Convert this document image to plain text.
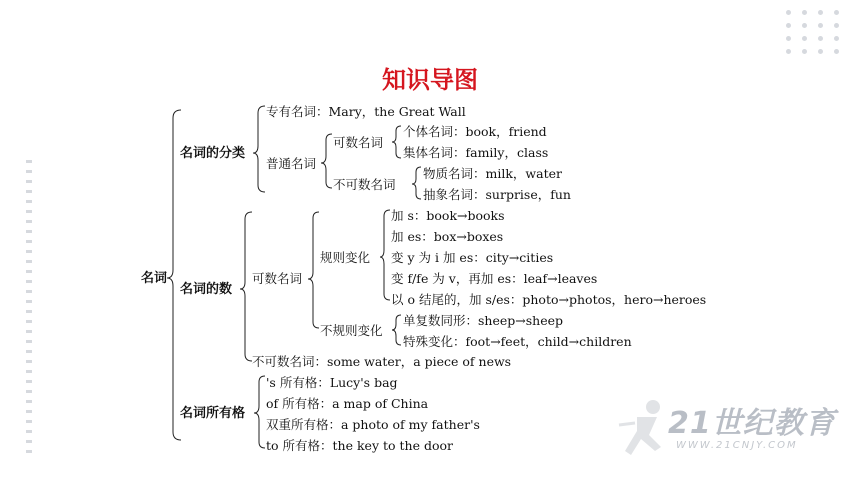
知识导图
名词
名词的分类
专有名词：Mary，the Great Wall
普通名词
可数名词
个体名词：book，friend
集体名词：family，class
不可数名词
物质名词：milk，water
抽象名词：surprise，fun
名词的数
可数名词
规则变化
加 s：book→books
加 es：box→boxes
变 y 为 i 加 es：city→cities
变 f/fe 为 v，再加 es：leaf→leaves
以 o 结尾的，加 s/es：photo→photos，hero→heroes
不规则变化
单复数同形：sheep→sheep
特殊变化：foot→feet，child→children
不可数名词：some water，a piece of news
名词所有格
's 所有格：Lucy's bag
of 所有格：a map of China
双重所有格：a photo of my father's
to 所有格：the key to the door
21世纪教育
WWW.21CNJY.COM
